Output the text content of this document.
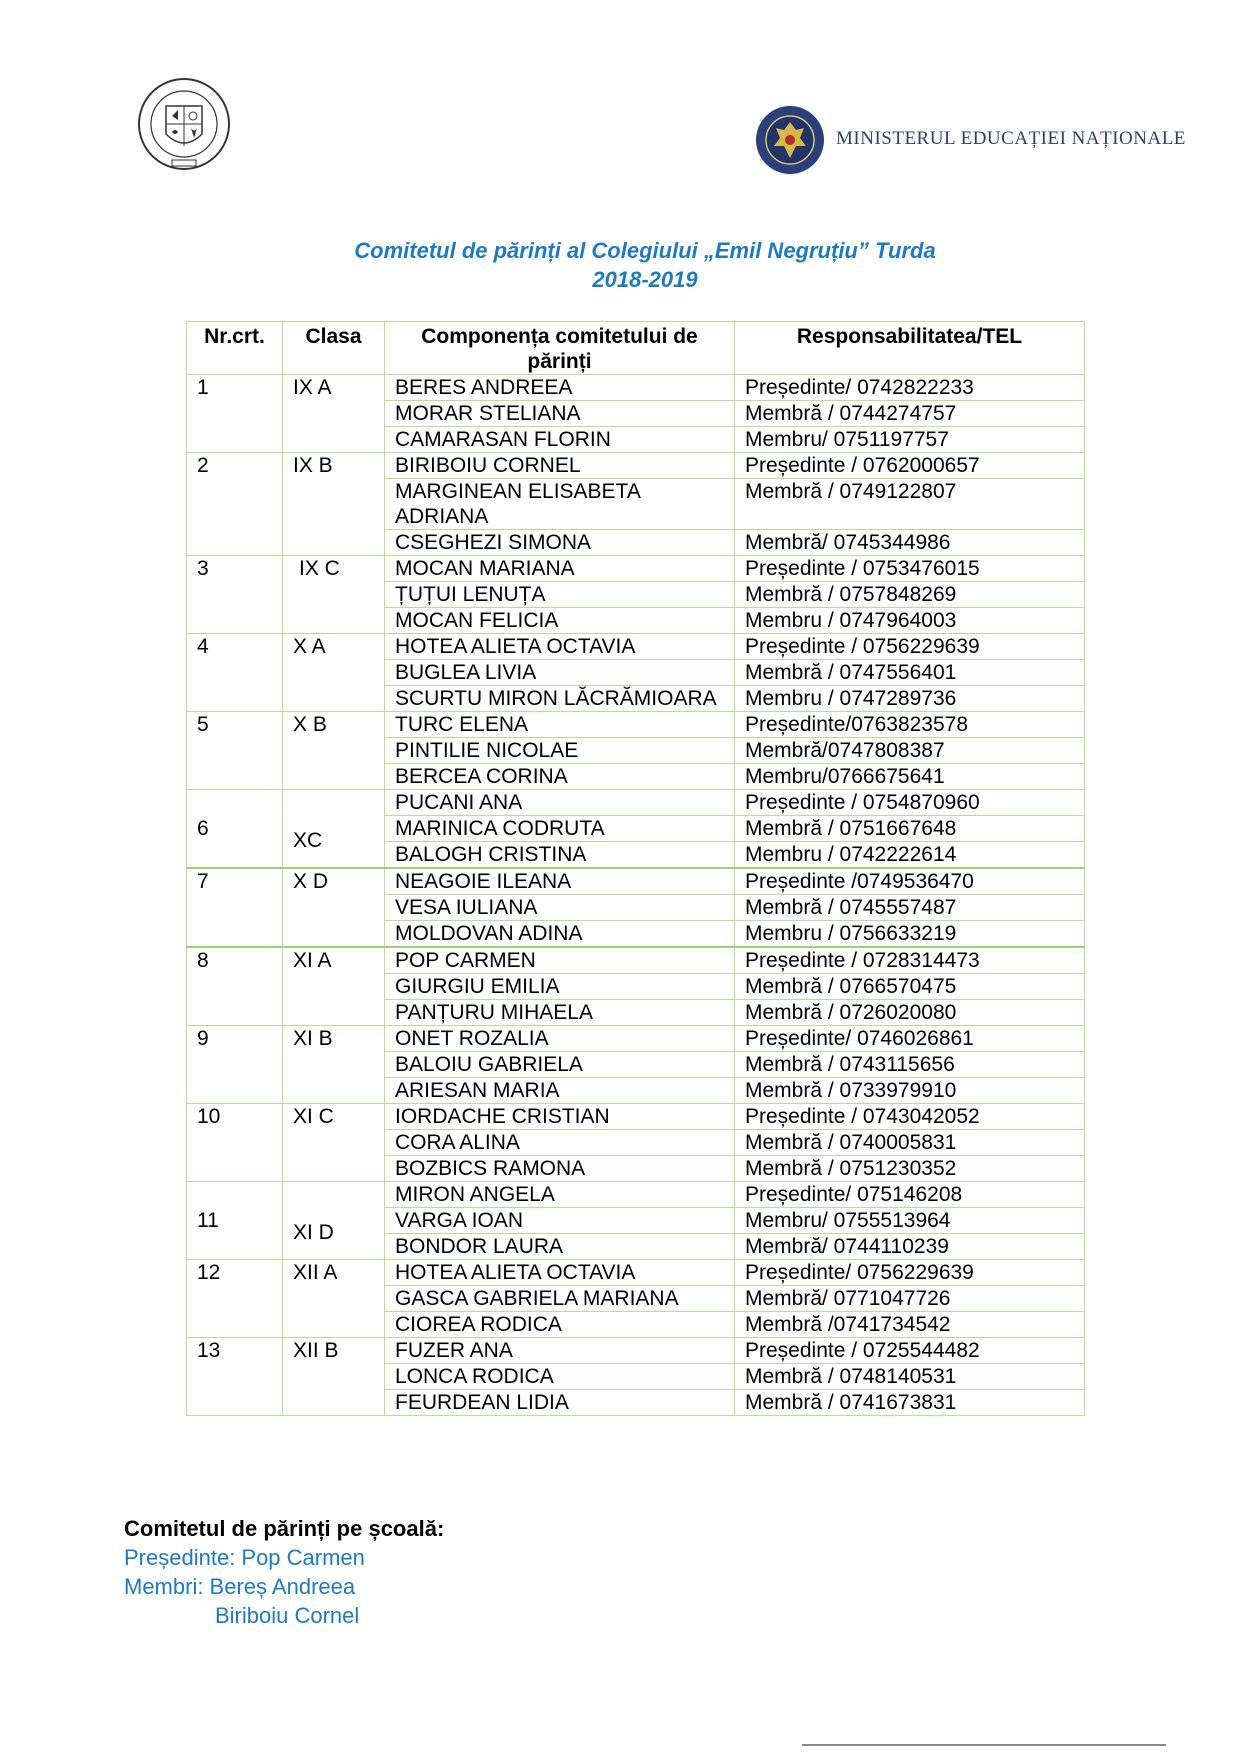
MINISTERUL EDUCAȚIEI NAȚIONALE
Comitetul de părinți al Colegiului „Emil Negruțiu” Turda
2018-2019
Nr.crt.	Clasa	Componența comitetului de părinți	Responsabilitatea/TEL
1	IX A	BERES ANDREEA	Președinte/ 0742822233
		MORAR STELIANA	Membră / 0744274757
		CAMARASAN FLORIN	Membru/ 0751197757
2	IX B	BIRIBOIU CORNEL	Președinte / 0762000657
		MARGINEAN ELISABETA ADRIANA	Membră / 0749122807
		CSEGHEZI SIMONA	Membră/ 0745344986
3	IX C	MOCAN MARIANA	Președinte / 0753476015
		ȚUȚUI LENUȚA	Membră / 0757848269
		MOCAN FELICIA	Membru / 0747964003
4	X A	HOTEA ALIETA OCTAVIA	Președinte / 0756229639
		BUGLEA LIVIA	Membră / 0747556401
		SCURTU MIRON LĂCRĂMIOARA	Membru / 0747289736
5	X B	TURC ELENA	Președinte/0763823578
		PINTILIE NICOLAE	Membră/0747808387
		BERCEA CORINA	Membru/0766675641
6	XC	PUCANI ANA	Președinte / 0754870960
		MARINICA CODRUTA	Membră / 0751667648
		BALOGH CRISTINA	Membru / 0742222614
7	X D	NEAGOIE ILEANA	Președinte /0749536470
		VESA IULIANA	Membră / 0745557487
		MOLDOVAN ADINA	Membru / 0756633219
8	XI A	POP CARMEN	Președinte / 0728314473
		GIURGIU EMILIA	Membră / 0766570475
		PANȚURU MIHAELA	Membră / 0726020080
9	XI B	ONET ROZALIA	Președinte/ 0746026861
		BALOIU GABRIELA	Membră / 0743115656
		ARIESAN MARIA	Membră / 0733979910
10	XI C	IORDACHE CRISTIAN	Președinte / 0743042052
		CORA ALINA	Membră / 0740005831
		BOZBICS RAMONA	Membră / 0751230352
11	XI D	MIRON ANGELA	Președinte/ 075146208
		VARGA IOAN	Membru/ 0755513964
		BONDOR LAURA	Membră/ 0744110239
12	XII A	HOTEA ALIETA OCTAVIA	Președinte/ 0756229639
		GASCA GABRIELA MARIANA	Membră/ 0771047726
		CIOREA RODICA	Membră /0741734542
13	XII B	FUZER ANA	Președinte / 0725544482
		LONCA RODICA	Membră / 0748140531
		FEURDEAN LIDIA	Membră / 0741673831
Comitetul de părinți pe școală:
Președinte: Pop Carmen
Membri: Bereș Andreea
Biriboiu Cornel
